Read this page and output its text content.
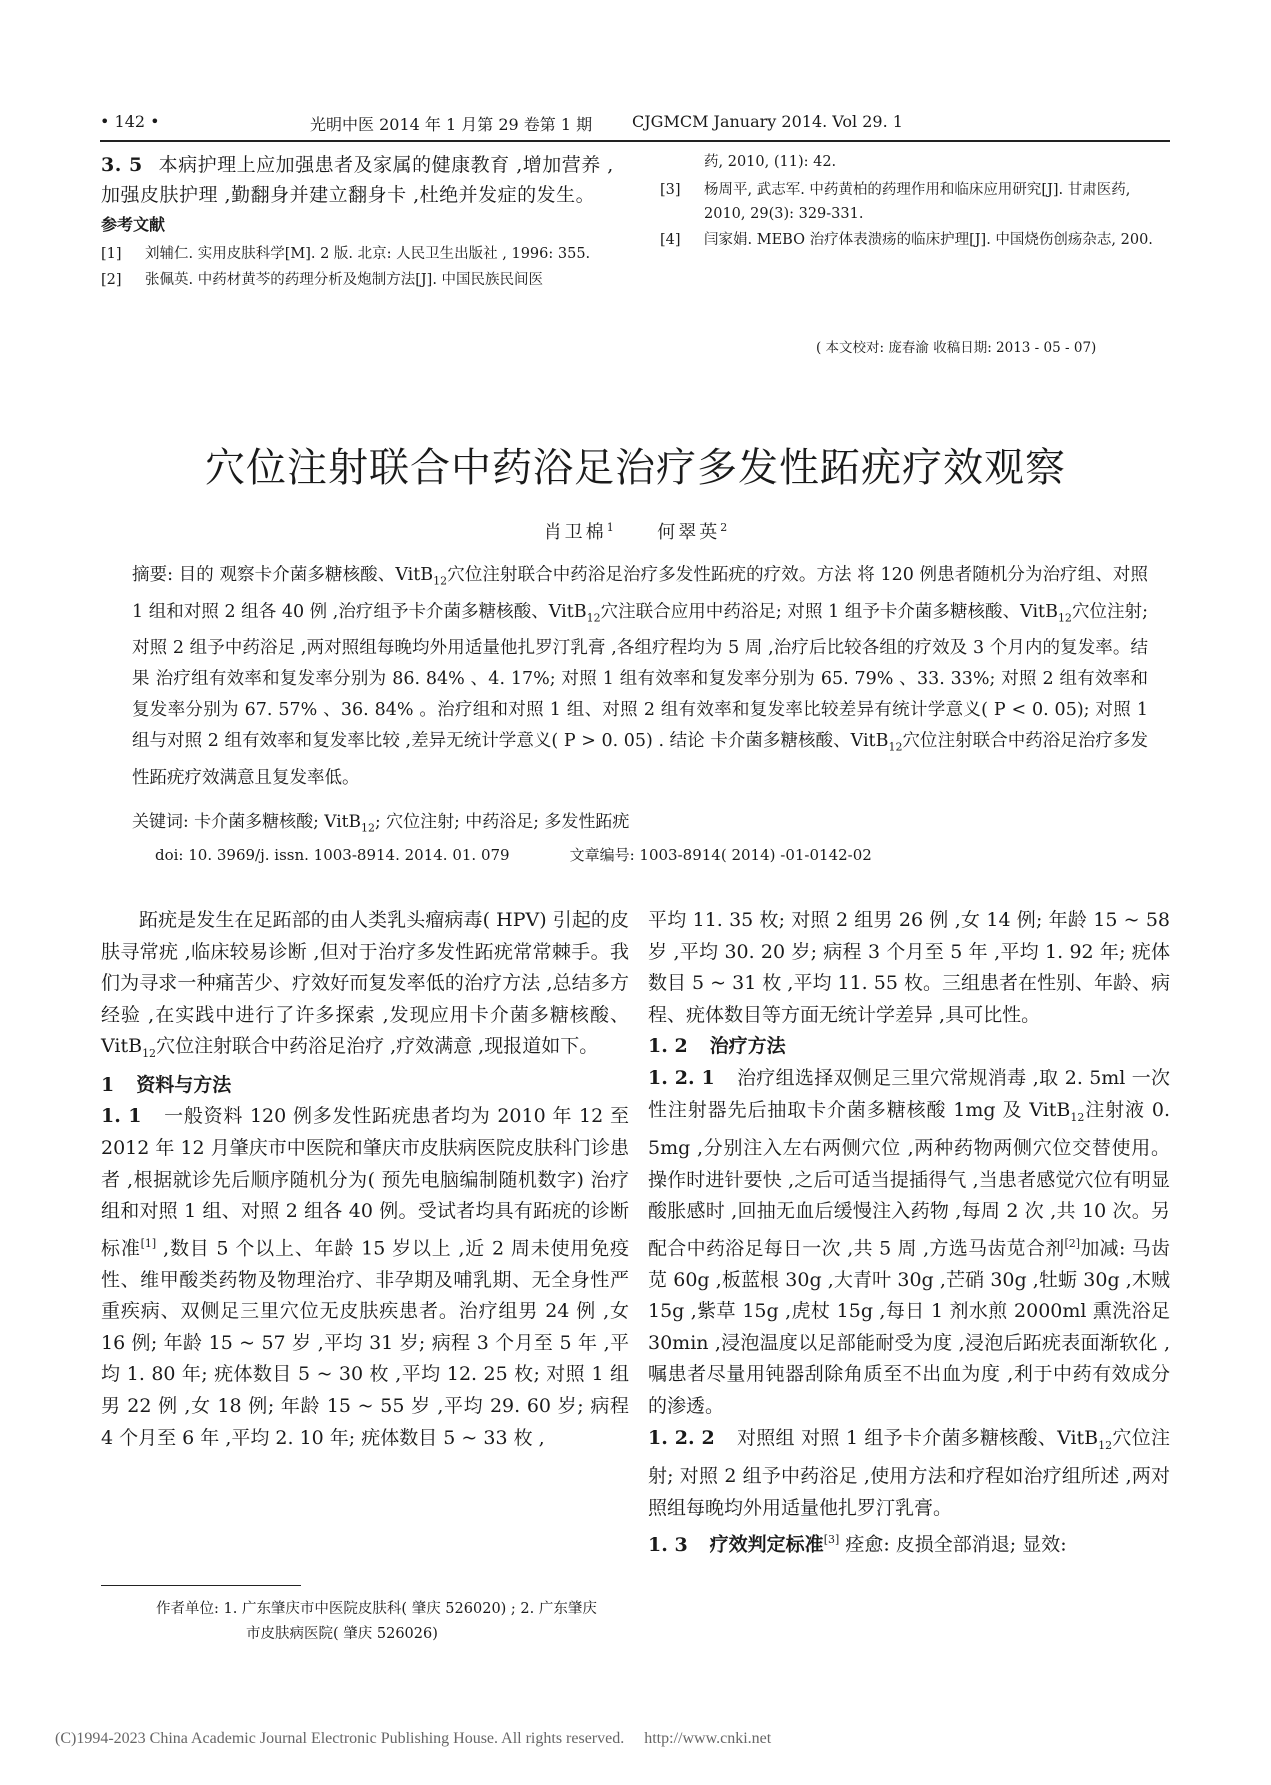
• 142 •	光明中医 2014 年 1 月第 29 卷第 1 期 CJGMCM January 2014. Vol 29. 1

3. 5 本病护理上应加强患者及家属的健康教育 ,增加营养 ,加强皮肤护理 ,勤翻身并建立翻身卡 ,杜绝并发症的发生。

参考文献
[1] 刘辅仁. 实用皮肤科学[M]. 2 版. 北京: 人民卫生出版社 , 1996: 355.
[2] 张佩英. 中药材黄芩的药理分析及炮制方法[J]. 中国民族民间医
药, 2010, (11): 42.
[3] 杨周平, 武志军. 中药黄柏的药理作用和临床应用研究[J]. 甘肃医药, 2010, 29(3): 329-331.
[4] 闫家娟. MEBO 治疗体表溃疡的临床护理[J]. 中国烧伤创疡杂志, 200.
( 本文校对: 庞春渝 收稿日期: 2013 - 05 - 07)
穴位注射联合中药浴足治疗多发性跖疣疗效观察
肖卫棉$^1$ 何翠英$^2$

摘要: 目的 观察卡介菌多糖核酸、VitB$_{12}$穴位注射联合中药浴足治疗多发性跖疣的疗效。方法 将 120 例患者随机分为治疗组、对照 1 组和对照 2 组各 40 例 ,治疗组予卡介菌多糖核酸、VitB$_{12}$穴注联合应用中药浴足; 对照 1 组予卡介菌多糖核酸、VitB$_{12}$穴位注射; 对照 2 组予中药浴足 ,两对照组每晚均外用适量他扎罗汀乳膏 ,各组疗程均为 5 周 ,治疗后比较各组的疗效及 3 个月内的复发率。结果 治疗组有效率和复发率分别为 86. 84% 、4. 17%; 对照 1 组有效率和复发率分别为 65. 79% 、33. 33%; 对照 2 组有效率和复发率分别为 67. 57% 、36. 84% 。治疗组和对照 1 组、对照 2 组有效率和复发率比较差异有统计学意义( P < 0. 05); 对照 1 组与对照 2 组有效率和复发率比较 ,差异无统计学意义( P > 0. 05) . 结论 卡介菌多糖核酸、VitB$_{12}$穴位注射联合中药浴足治疗多发性跖疣疗效满意且复发率低。

关键词: 卡介菌多糖核酸; VitB$_{12}$; 穴位注射; 中药浴足; 多发性跖疣
doi: 10. 3969/j. issn. 1003-8914. 2014. 01. 079	文章编号: 1003-8914( 2014) -01-0142-02

跖疣是发生在足跖部的由人类乳头瘤病毒( HPV) 引起的皮肤寻常疣 ,临床较易诊断 ,但对于治疗多发性跖疣常常棘手。我们为寻求一种痛苦少、疗效好而复发率低的治疗方法 ,总结多方经验 ,在实践中进行了许多探索 ,发现应用卡介菌多糖核酸、VitB$_{12}$穴位注射联合中药浴足治疗 ,疗效满意 ,现报道如下。

1 资料与方法

1. 1 一般资料 120 例多发性跖疣患者均为 2010 年 12 至 2012 年 12 月肇庆市中医院和肇庆市皮肤病医院皮肤科门诊患者 ,根据就诊先后顺序随机分为( 预先电脑编制随机数字) 治疗组和对照 1 组、对照 2 组各 40 例。受试者均具有跖疣的诊断标准[1] ,数目 5 个以上、年龄 15 岁以上 ,近 2 周未使用免疫性、维甲酸类药物及物理治疗、非孕期及哺乳期、无全身性严重疾病、双侧足三里穴位无皮肤疾患者。治疗组男 24 例 ,女 16 例; 年龄 15 ~ 57 岁 ,平均 31 岁; 病程 3 个月至 5 年 ,平均 1. 80 年; 疣体数目 5 ~ 30 枚 ,平均 12. 25 枚; 对照 1 组男 22 例 ,女 18 例; 年龄 15 ~ 55 岁 ,平均 29. 60 岁; 病程 4 个月至 6 年 ,平均 2. 10 年; 疣体数目 5 ~ 33 枚 ,

平均 11. 35 枚; 对照 2 组男 26 例 ,女 14 例; 年龄 15 ~ 58 岁 ,平均 30. 20 岁; 病程 3 个月至 5 年 ,平均 1. 92 年; 疣体数目 5 ~ 31 枚 ,平均 11. 55 枚。三组患者在性别、年龄、病程、疣体数目等方面无统计学差异 ,具可比性。

1. 2 治疗方法

1. 2. 1 治疗组选择双侧足三里穴常规消毒 ,取 2. 5ml 一次性注射器先后抽取卡介菌多糖核酸 1mg 及 VitB$_{12}$注射液 0. 5mg ,分别注入左右两侧穴位 ,两种药物两侧穴位交替使用。操作时进针要快 ,之后可适当提插得气 ,当患者感觉穴位有明显酸胀感时 ,回抽无血后缓慢注入药物 ,每周 2 次 ,共 10 次。另配合中药浴足每日一次 ,共 5 周 ,方选马齿苋合剂[2]加减: 马齿苋 60g ,板蓝根 30g ,大青叶 30g ,芒硝 30g ,牡蛎 30g ,木贼 15g ,紫草 15g ,虎杖 15g ,每日 1 剂水煎 2000ml 熏洗浴足 30min ,浸泡温度以足部能耐受为度 ,浸泡后跖疣表面渐软化 ,嘱患者尽量用钝器刮除角质至不出血为度 ,利于中药有效成分的渗透。

1. 2. 2 对照组 对照 1 组予卡介菌多糖核酸、VitB$_{12}$穴位注射; 对照 2 组予中药浴足 ,使用方法和疗程如治疗组所述 ,两对照组每晚均外用适量他扎罗汀乳膏。

1. 3 疗效判定标准[3] 痊愈: 皮损全部消退; 显效:

作者单位: 1. 广东肇庆市中医院皮肤科( 肇庆 526020) ; 2. 广东肇庆
市皮肤病医院( 肇庆 526026)
(C)1994-2023 China Academic Journal Electronic Publishing House. All rights reserved. http://www.cnki.net
